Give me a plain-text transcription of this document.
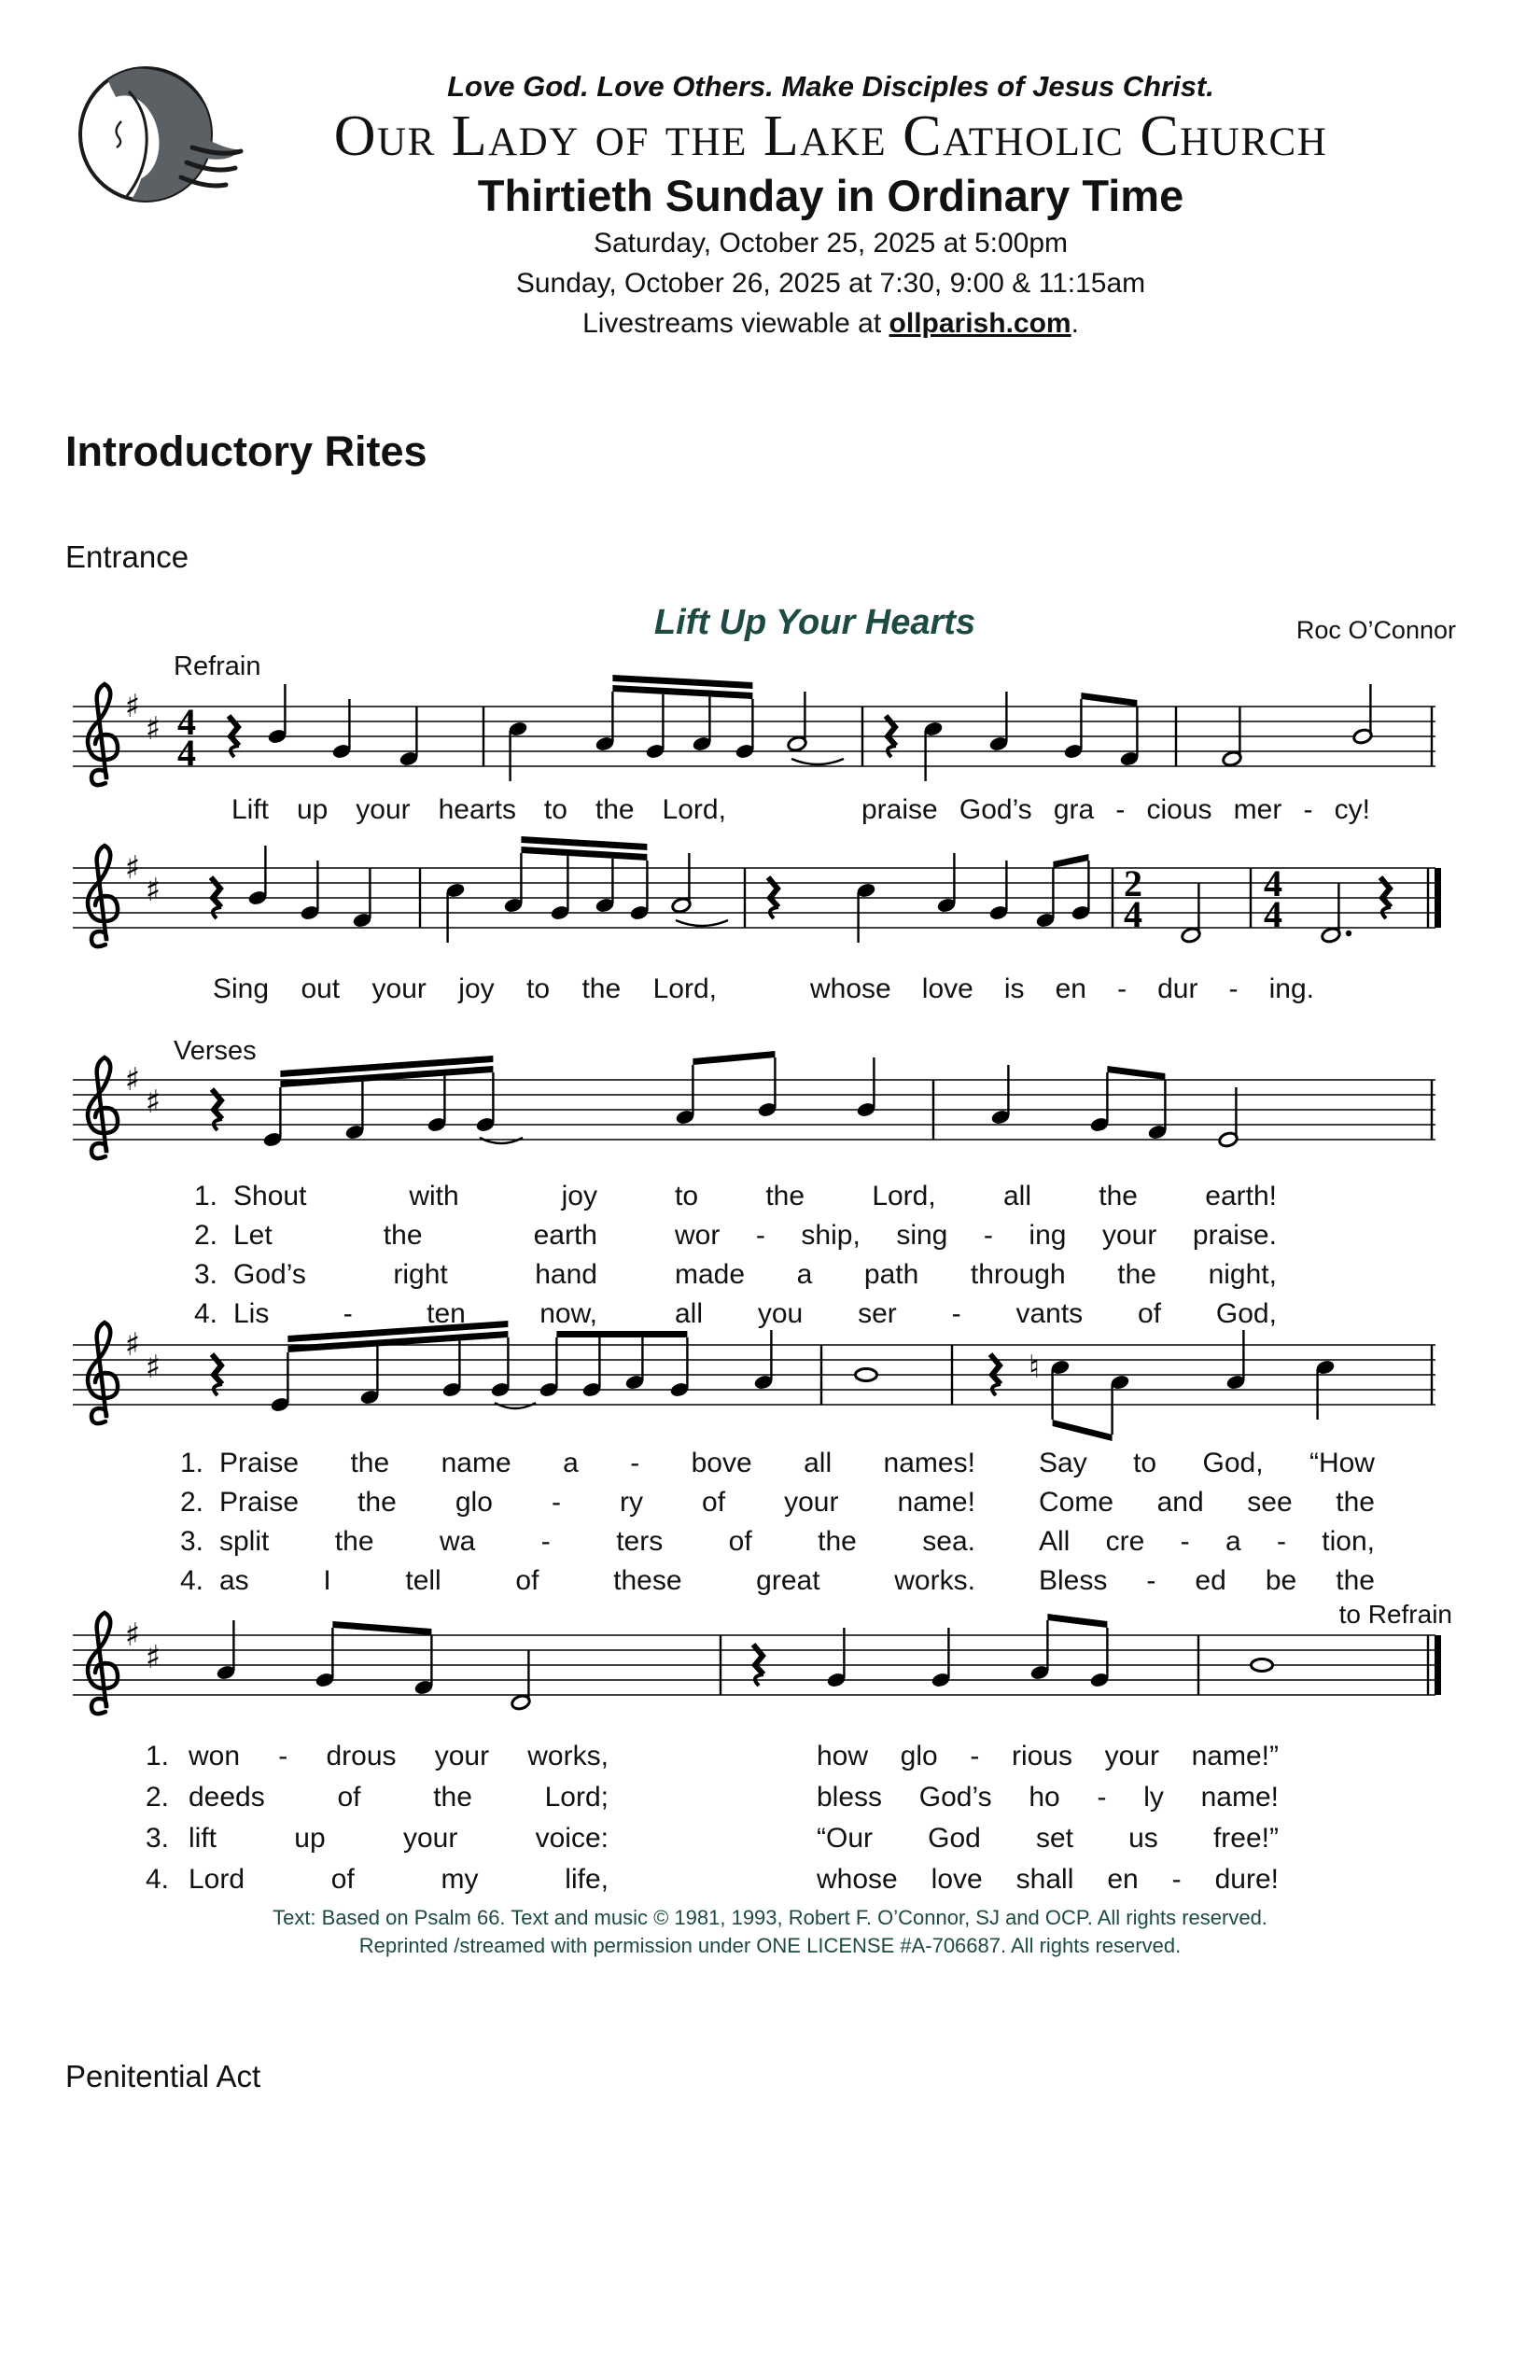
Love God. Love Others. Make Disciples of Jesus Christ.
Our Lady of the Lake Catholic Church
Thirtieth Sunday in Ordinary Time
Saturday, October 25, 2025 at 5:00pm
Sunday, October 26, 2025 at 7:30, 9:00 & 11:15am
Livestreams viewable at ollparish.com.
Introductory Rites
Entrance
Lift Up Your Hearts	Roc O’Connor
Refrain
Verses
to Refrain
♯
♯ 4
4
♯
♯	2
4
4
4
♯
♯
♯
♯	♮
♯
♯
Lift up your hearts to the Lord,	praise God’s gra - cious mer - cy!
Sing out your joy to the Lord,	whose love is en - dur - ing.
1. Shout	with	joy	to the Lord, all the earth!
2. Let	the	earth	wor - ship, sing - ing your praise.
3. God’s	right	hand	made a path through the night,
4. Lis	-	ten	now,	all you ser - vants of God,
1. Praise the name a - bove all names! Say to God, “How
2. Praise the glo - ry of your name! Come and see the
3. split the wa - ters of the sea. All cre - a - tion,
4. as	I	tell	of	these	great	works. Bless - ed be the
1. won - drous your works,	how glo - rious your name!”
2. deeds	of	the	Lord;	bless God’s ho - ly name!
3. lift	up	your	voice:	“Our God set us free!”
4. Lord	of	my	life,	whose love shall en - dure!
Text: Based on Psalm 66. Text and music © 1981, 1993, Robert F. O’Connor, SJ and OCP. All rights reserved.
Reprinted /streamed with permission under ONE LICENSE #A-706687. All rights reserved.
Penitential Act
